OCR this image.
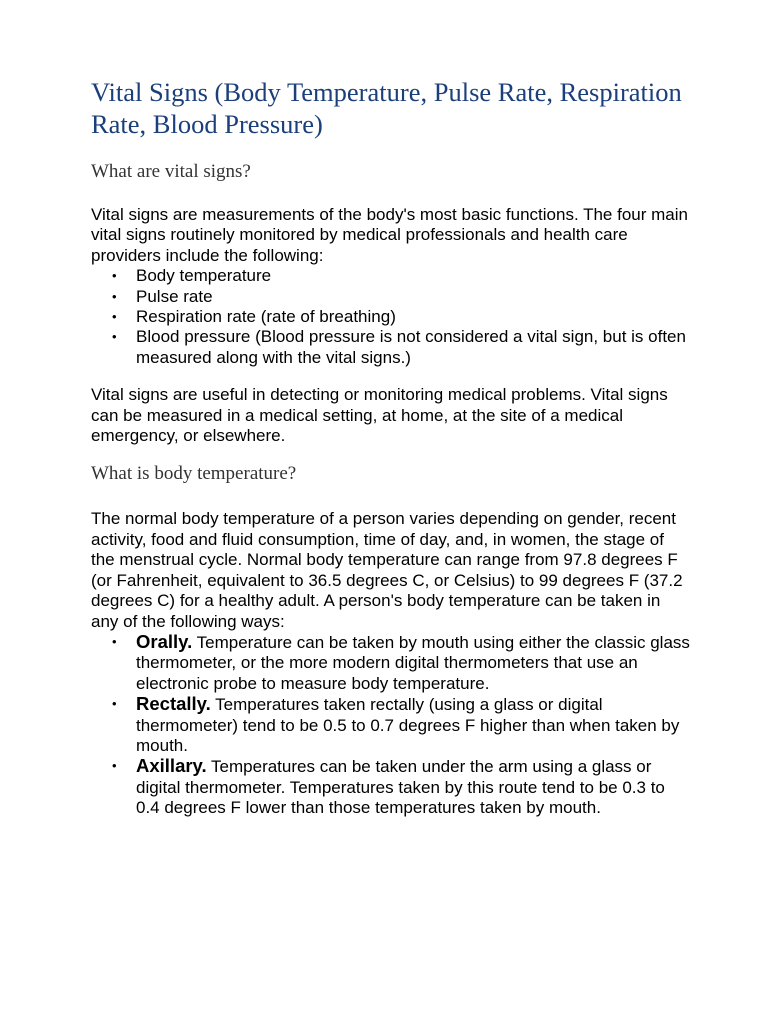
Vital Signs (Body Temperature, Pulse Rate, Respiration Rate, Blood Pressure)
What are vital signs?

Vital signs are measurements of the body's most basic functions. The four main vital signs routinely monitored by medical professionals and health care providers include the following:

• Body temperature
• Pulse rate
• Respiration rate (rate of breathing)
• Blood pressure (Blood pressure is not considered a vital sign, but is often measured along with the vital signs.)

Vital signs are useful in detecting or monitoring medical problems. Vital signs can be measured in a medical setting, at home, at the site of a medical emergency, or elsewhere.

What is body temperature?

The normal body temperature of a person varies depending on gender, recent activity, food and fluid consumption, time of day, and, in women, the stage of the menstrual cycle. Normal body temperature can range from 97.8 degrees F (or Fahrenheit, equivalent to 36.5 degrees C, or Celsius) to 99 degrees F (37.2 degrees C) for a healthy adult. A person's body temperature can be taken in any of the following ways:

• Orally. Temperature can be taken by mouth using either the classic glass thermometer, or the more modern digital thermometers that use an electronic probe to measure body temperature.
• Rectally. Temperatures taken rectally (using a glass or digital thermometer) tend to be 0.5 to 0.7 degrees F higher than when taken by mouth.
• Axillary. Temperatures can be taken under the arm using a glass or digital thermometer. Temperatures taken by this route tend to be 0.3 to 0.4 degrees F lower than those temperatures taken by mouth.
